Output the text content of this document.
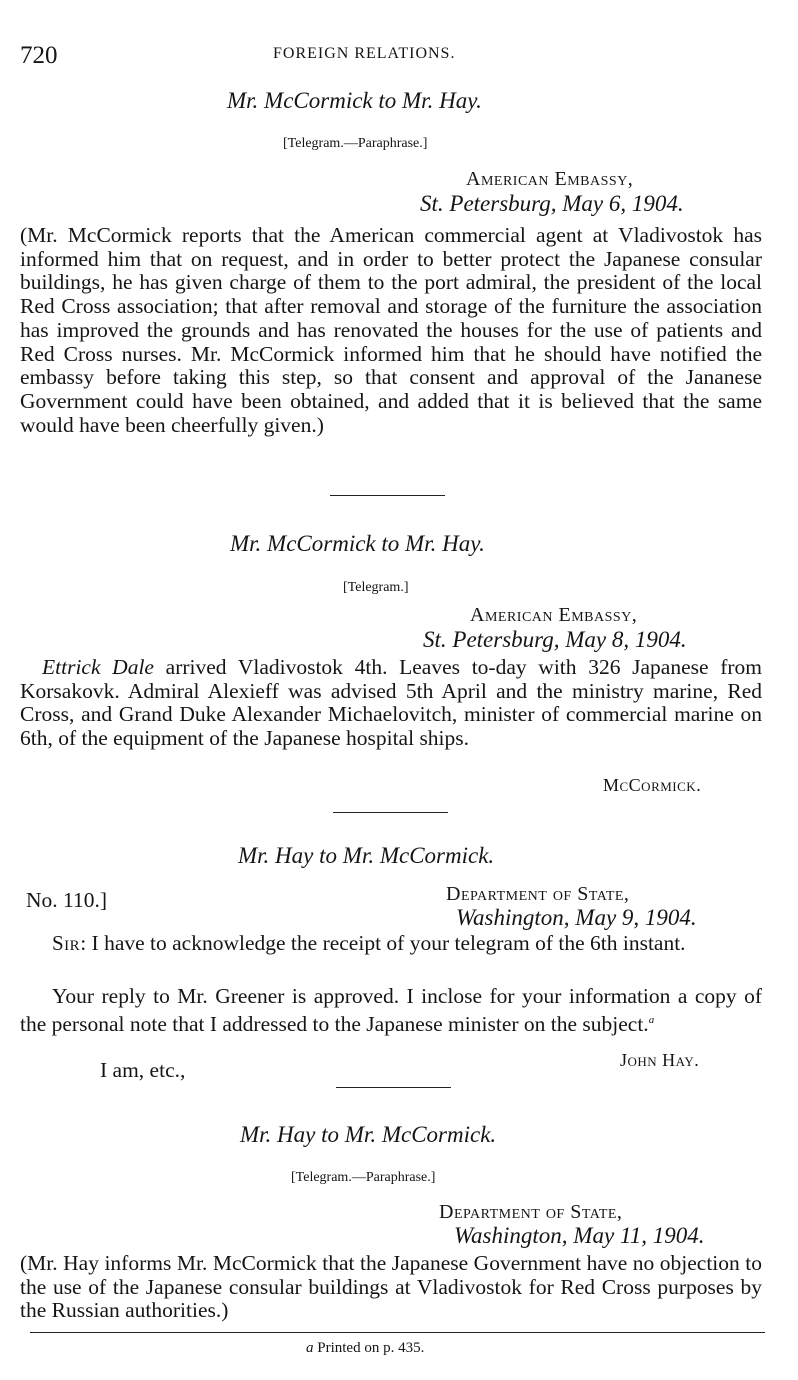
720	FOREIGN RELATIONS.
Mr. McCormick to Mr. Hay.
[Telegram.—Paraphrase.]
American Embassy,
St. Petersburg, May 6, 1904.

(Mr. McCormick reports that the American commercial agent at Vladivostok has informed him that on request, and in order to better protect the Japanese consular buildings, he has given charge of them to the port admiral, the president of the local Red Cross association; that after removal and storage of the furniture the association has improved the grounds and has renovated the houses for the use of patients and Red Cross nurses. Mr. McCormick informed him that he should have notified the embassy before taking this step, so that consent and approval of the Jananese Government could have been obtained, and added that it is believed that the same would have been cheerfully given.)

Mr. McCormick to Mr. Hay.
[Telegram.]
American Embassy,
St. Petersburg, May 8, 1904.

Ettrick Dale arrived Vladivostok 4th. Leaves to-day with 326 Japanese from Korsakovk. Admiral Alexieff was advised 5th April and the ministry marine, Red Cross, and Grand Duke Alexander Michaelovitch, minister of commercial marine on 6th, of the equipment of the Japanese hospital ships.

McCormick.
Mr. Hay to Mr. McCormick.
No. 110.]	Department of State,
Washington, May 9, 1904.

Sir: I have to acknowledge the receipt of your telegram of the 6th instant.

Your reply to Mr. Greener is approved. I inclose for your information a copy of the personal note that I addressed to the Japanese minister on the subject.$^a$

I am, etc.,	John Hay.
Mr. Hay to Mr. McCormick.
[Telegram.—Paraphrase.]
Department of State,
Washington, May 11, 1904.

(Mr. Hay informs Mr. McCormick that the Japanese Government have no objection to the use of the Japanese consular buildings at Vladivostok for Red Cross purposes by the Russian authorities.)

a Printed on p. 435.
